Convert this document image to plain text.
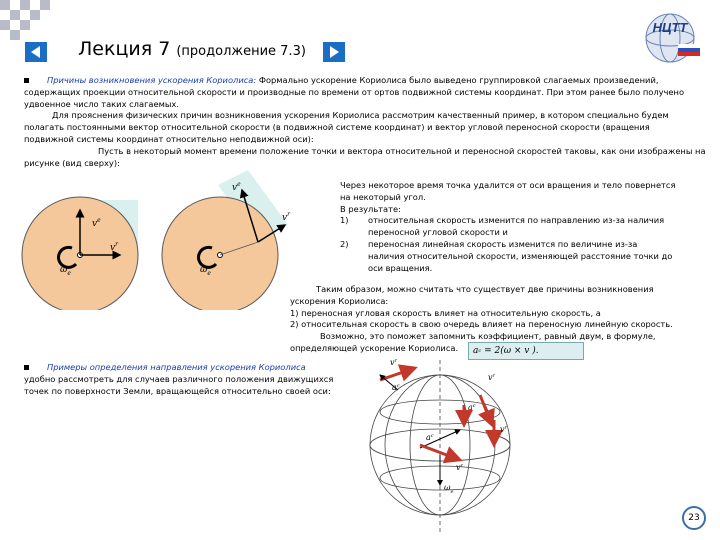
НЦТТ
Лекция 7 (продолжение 7.3)
Причины возникновения ускорения Кориолиса: Формально ускорение Кориолиса было выведено группировкой слагаемых произведений,
содержащих проекции относительной скорости и производные по времени от ортов подвижной системы координат. При этом ранее было получено
удвоенное число таких слагаемых.
Для прояснения физических причин возникновения ускорения Кориолиса рассмотрим качественный пример, в котором специально будем
полагать постоянными вектор относительной скорости (в подвижной системе координат) и вектор угловой переносной скорости (вращения
подвижной системы координат относительно неподвижной оси):
Пусть в некоторый момент времени положение точки и вектора относительной и переносной скоростей таковы, как они изображены на
рисунке (вид сверху):
$v^e$
$v^r$
$\omega_e$
$v^e$
$v^r$
$\omega_e$
Через некоторое время точка удалится от оси вращения и тело повернется
на некоторый угол.
В результате:
1) относительная скорость изменится по направлению из-за наличия
переносной угловой скорости и
2) переносная линейная скорость изменится по величине из-за
наличия относительной скорости, изменяющей расстояние точки до
оси вращения.
Таким образом, можно считать что существует две причины возникновения
ускорения Кориолиса:
1) переносная угловая скорость влияет на относительную скорость, а
2) относительная скорость в свою очередь влияет на переносную линейную скорость.
Возможно, это поможет запомнить коэффициент, равный двум, в формуле,
определяющей ускорение Кориолиса.	a c
= 2(ω × v ).
Примеры определения направления ускорения Кориолиса
удобно рассмотреть для случаев различного положения движущихся
точек по поверхности Земли, вращающейся относительно своей оси:
$v^r$
$a^c$
$v^r$
$a^c$
$v^r$
$a^c$
$v^r$
$\omega_e$
23
